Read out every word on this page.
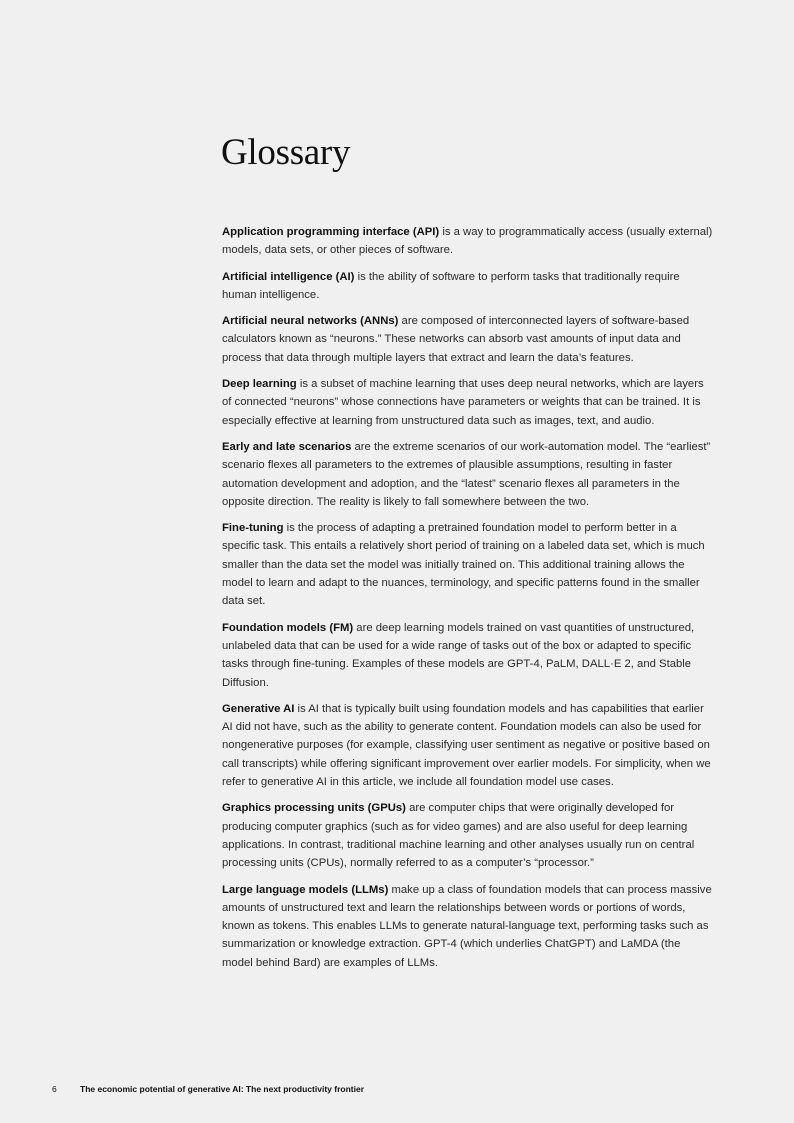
Glossary

Application programming interface (API) is a way to programmatically access (usually external) models, data sets, or other pieces of software.

Artificial intelligence (AI) is the ability of software to perform tasks that traditionally require human intelligence.

Artificial neural networks (ANNs) are composed of interconnected layers of software-based calculators known as “neurons.” These networks can absorb vast amounts of input data and process that data through multiple layers that extract and learn the data’s features.

Deep learning is a subset of machine learning that uses deep neural networks, which are layers of connected “neurons” whose connections have parameters or weights that can be trained. It is especially effective at learning from unstructured data such as images, text, and audio.

Early and late scenarios are the extreme scenarios of our work-automation model. The “earliest” scenario flexes all parameters to the extremes of plausible assumptions, resulting in faster automation development and adoption, and the “latest” scenario flexes all parameters in the opposite direction. The reality is likely to fall somewhere between the two.

Fine-tuning is the process of adapting a pretrained foundation model to perform better in a specific task. This entails a relatively short period of training on a labeled data set, which is much smaller than the data set the model was initially trained on. This additional training allows the model to learn and adapt to the nuances, terminology, and specific patterns found in the smaller data set.

Foundation models (FM) are deep learning models trained on vast quantities of unstructured, unlabeled data that can be used for a wide range of tasks out of the box or adapted to specific tasks through fine-tuning. Examples of these models are GPT-4, PaLM, DALL·E 2, and Stable Diffusion.

Generative AI is AI that is typically built using foundation models and has capabilities that earlier AI did not have, such as the ability to generate content. Foundation models can also be used for nongenerative purposes (for example, classifying user sentiment as negative or positive based on call transcripts) while offering significant improvement over earlier models. For simplicity, when we refer to generative AI in this article, we include all foundation model use cases.

Graphics processing units (GPUs) are computer chips that were originally developed for producing computer graphics (such as for video games) and are also useful for deep learning applications. In contrast, traditional machine learning and other analyses usually run on central processing units (CPUs), normally referred to as a computer’s “processor.”

Large language models (LLMs) make up a class of foundation models that can process massive amounts of unstructured text and learn the relationships between words or portions of words, known as tokens. This enables LLMs to generate natural-language text, performing tasks such as summarization or knowledge extraction. GPT-4 (which underlies ChatGPT) and LaMDA (the model behind Bard) are examples of LLMs.

6	The economic potential of generative AI: The next productivity frontier
